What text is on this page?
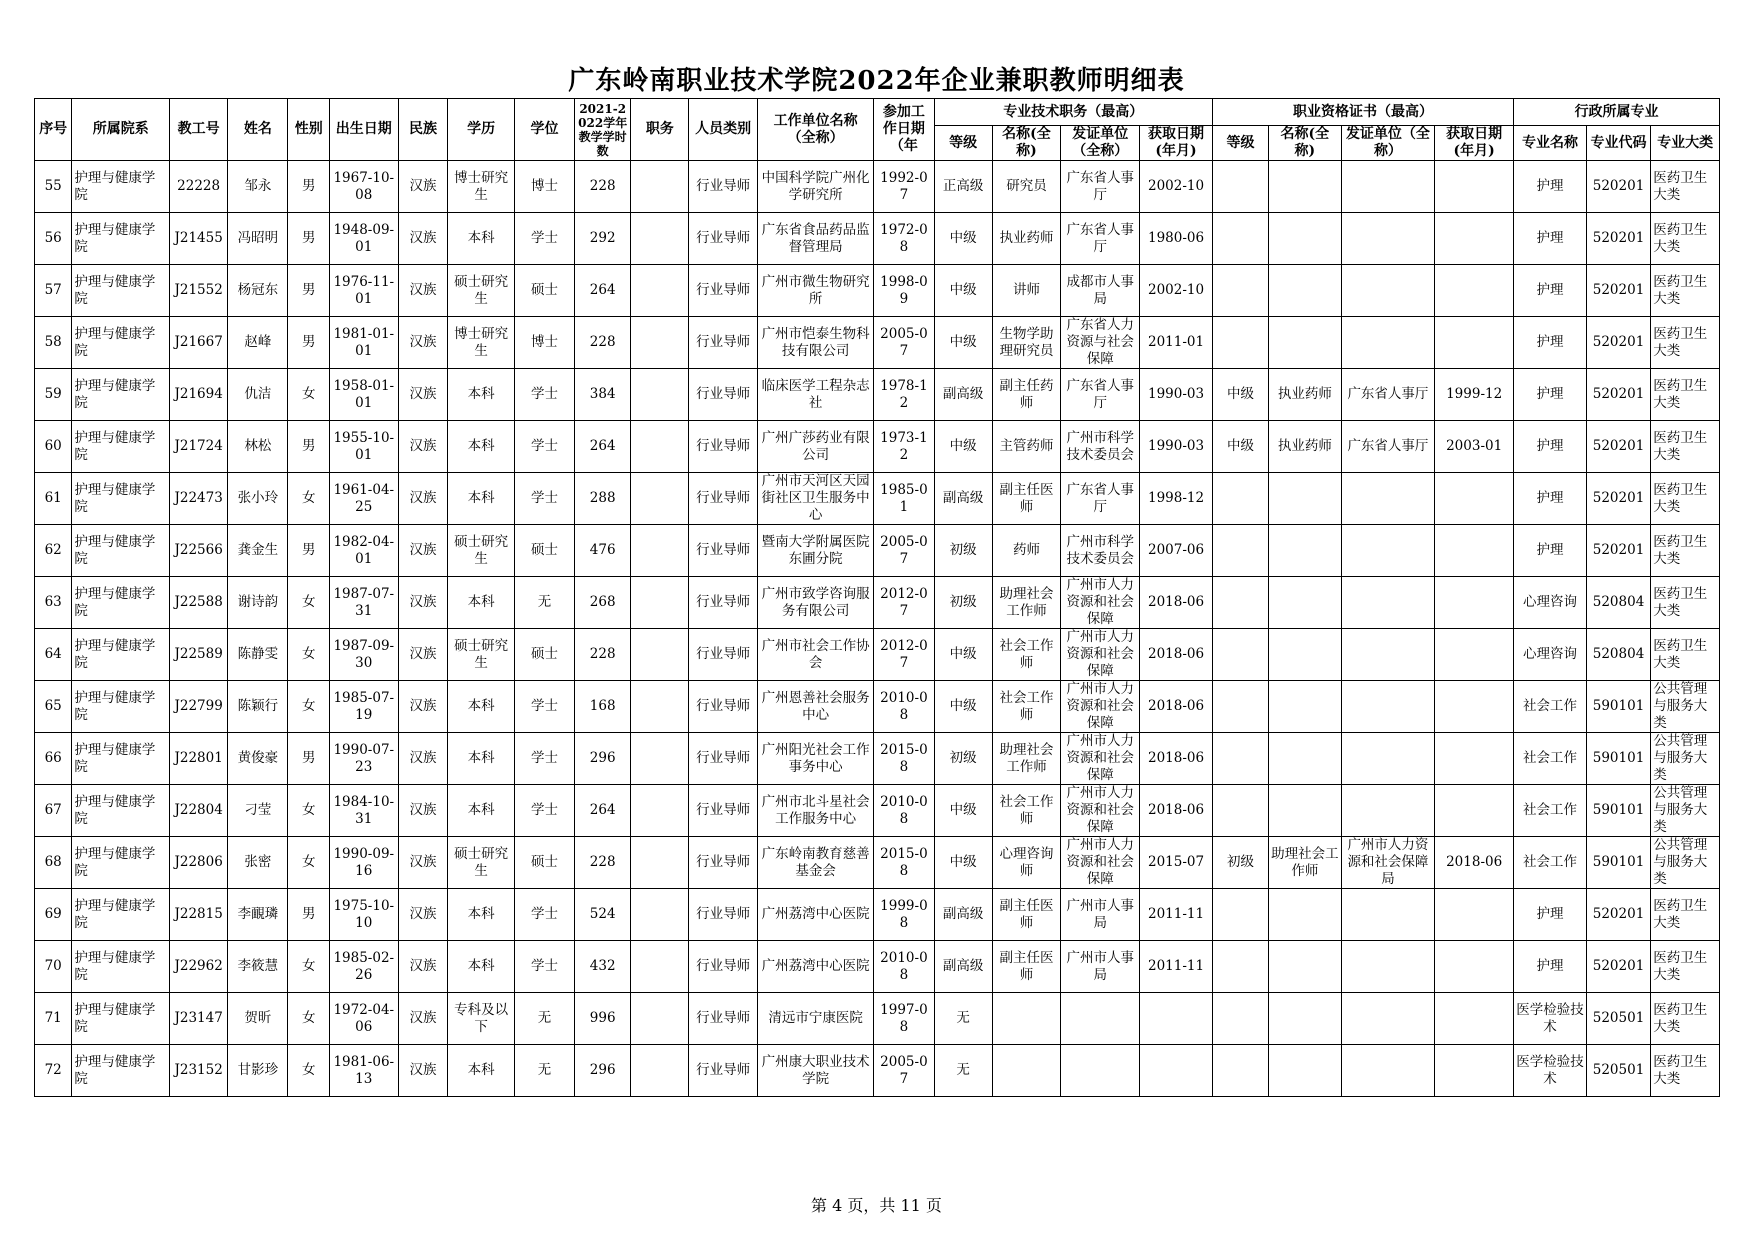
广东岭南职业技术学院2022年企业兼职教师明细表
序号	所属院系	教工号	姓名	性别	出生日期	民族	学历	学位	2021-2022学年教学学时数	职务	人员类别	工作单位名称（全称）	参加工作日期（年	专业技术职务（最高）				职业资格证书（最高）				行政所属专业		
														等级	名称(全称)	发证单位（全称）	获取日期(年月)	等级	名称(全称)	发证单位（全称）	获取日期(年月)	专业名称	专业代码	专业大类
55	护理与健康学院	22228	邹永	男	1967-10-08	汉族	博士研究生	博士	228		行业导师	中国科学院广州化学研究所	1992-07	正高级	研究员	广东省人事厅	2002-10					护理	520201	医药卫生大类
56	护理与健康学院	J21455	冯昭明	男	1948-09-01	汉族	本科	学士	292		行业导师	广东省食品药品监督管理局	1972-08	中级	执业药师	广东省人事厅	1980-06					护理	520201	医药卫生大类
57	护理与健康学院	J21552	杨冠东	男	1976-11-01	汉族	硕士研究生	硕士	264		行业导师	广州市微生物研究所	1998-09	中级	讲师	成都市人事局	2002-10					护理	520201	医药卫生大类
58	护理与健康学院	J21667	赵峰	男	1981-01-01	汉族	博士研究生	博士	228		行业导师	广州市恺泰生物科技有限公司	2005-07	中级	生物学助理研究员	广东省人力资源与社会保障	2011-01					护理	520201	医药卫生大类
59	护理与健康学院	J21694	仇洁	女	1958-01-01	汉族	本科	学士	384		行业导师	临床医学工程杂志社	1978-12	副高级	副主任药师	广东省人事厅	1990-03	中级	执业药师	广东省人事厅	1999-12	护理	520201	医药卫生大类
60	护理与健康学院	J21724	林松	男	1955-10-01	汉族	本科	学士	264		行业导师	广州广莎药业有限公司	1973-12	中级	主管药师	广州市科学技术委员会	1990-03	中级	执业药师	广东省人事厅	2003-01	护理	520201	医药卫生大类
61	护理与健康学院	J22473	张小玲	女	1961-04-25	汉族	本科	学士	288		行业导师	广州市天河区天园街社区卫生服务中心	1985-01	副高级	副主任医师	广东省人事厅	1998-12					护理	520201	医药卫生大类
62	护理与健康学院	J22566	龚金生	男	1982-04-01	汉族	硕士研究生	硕士	476		行业导师	暨南大学附属医院东圃分院	2005-07	初级	药师	广州市科学技术委员会	2007-06					护理	520201	医药卫生大类
63	护理与健康学院	J22588	谢诗韵	女	1987-07-31	汉族	本科	无	268		行业导师	广州市致学咨询服务有限公司	2012-07	初级	助理社会工作师	广州市人力资源和社会保障	2018-06					心理咨询	520804	医药卫生大类
64	护理与健康学院	J22589	陈静雯	女	1987-09-30	汉族	硕士研究生	硕士	228		行业导师	广州市社会工作协会	2012-07	中级	社会工作师	广州市人力资源和社会保障	2018-06					心理咨询	520804	医药卫生大类
65	护理与健康学院	J22799	陈颖行	女	1985-07-19	汉族	本科	学士	168		行业导师	广州恩善社会服务中心	2010-08	中级	社会工作师	广州市人力资源和社会保障	2018-06					社会工作	590101	公共管理与服务大类
66	护理与健康学院	J22801	黄俊豪	男	1990-07-23	汉族	本科	学士	296		行业导师	广州阳光社会工作事务中心	2015-08	初级	助理社会工作师	广州市人力资源和社会保障	2018-06					社会工作	590101	公共管理与服务大类
67	护理与健康学院	J22804	刁莹	女	1984-10-31	汉族	本科	学士	264		行业导师	广州市北斗星社会工作服务中心	2010-08	中级	社会工作师	广州市人力资源和社会保障	2018-06					社会工作	590101	公共管理与服务大类
68	护理与健康学院	J22806	张密	女	1990-09-16	汉族	硕士研究生	硕士	228		行业导师	广东岭南教育慈善基金会	2015-08	中级	心理咨询师	广州市人力资源和社会保障	2015-07	初级	助理社会工作师	广州市人力资源和社会保障局	2018-06	社会工作	590101	公共管理与服务大类
69	护理与健康学院	J22815	李靦璘	男	1975-10-10	汉族	本科	学士	524		行业导师	广州荔湾中心医院	1999-08	副高级	副主任医师	广州市人事局	2011-11					护理	520201	医药卫生大类
70	护理与健康学院	J22962	李筱慧	女	1985-02-26	汉族	本科	学士	432		行业导师	广州荔湾中心医院	2010-08	副高级	副主任医师	广州市人事局	2011-11					护理	520201	医药卫生大类
71	护理与健康学院	J23147	贺昕	女	1972-04-06	汉族	专科及以下	无	996		行业导师	清远市宁康医院	1997-08	无								医学检验技术	520501	医药卫生大类
72	护理与健康学院	J23152	甘影珍	女	1981-06-13	汉族	本科	无	296		行业导师	广州康大职业技术学院	2005-07	无								医学检验技术	520501	医药卫生大类
第 4 页，共 11 页
